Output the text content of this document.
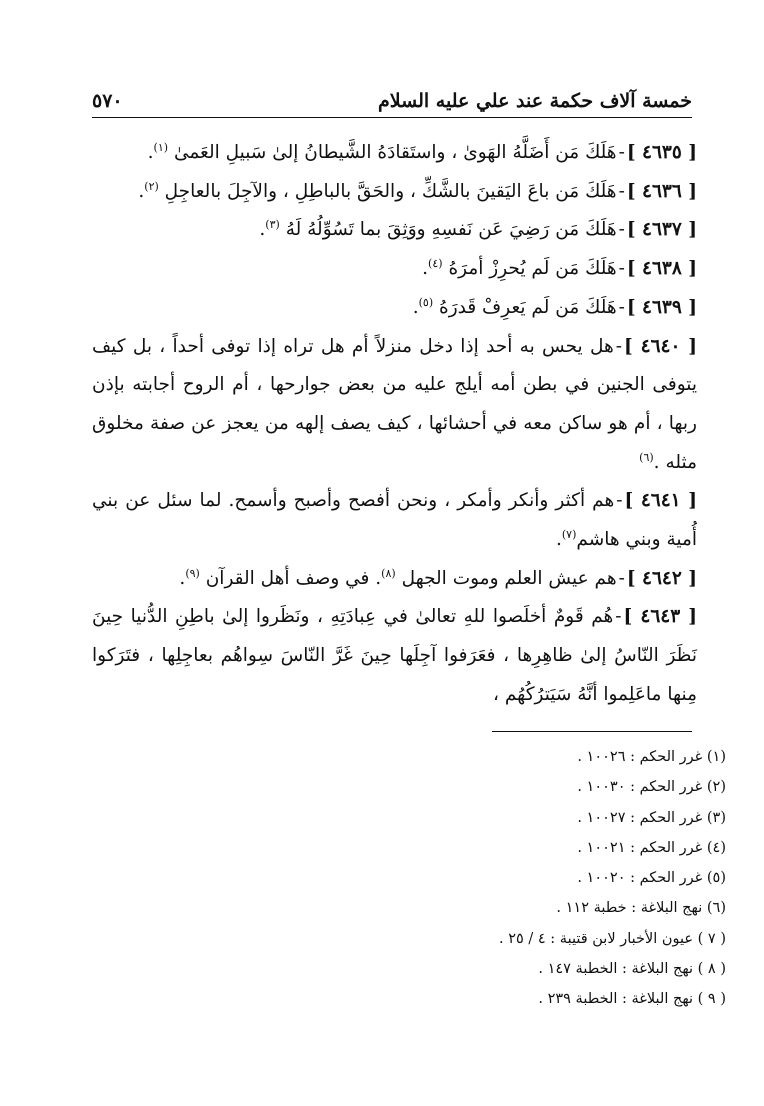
خمسة آلاف حكمة عند علي عليه السلام
٥٧٠

[ ٤٦٣٥ ]-هَلَكَ مَن أَضَلَّهُ الهَوىٰ ، واستَقادَهُ الشَّيطانُ إلىٰ سَبيلِ العَمىٰ $^{(١)}$.

[ ٤٦٣٦ ]-هَلَكَ مَن باعَ اليَقينَ بالشَّكِّ ، والحَقَّ بالباطِلِ ، والآجِلَ بالعاجِلِ $^{(٢)}$.

[ ٤٦٣٧ ]-هَلَكَ مَن رَضِيَ عَن نَفسِهِ ووَثِقَ بما تَسُوِّلُهُ لَهُ $^{(٣)}$.

[ ٤٦٣٨ ]-هَلَكَ مَن لَم يُحرِزْ أمرَهُ $^{(٤)}$.

[ ٤٦٣٩ ]-هَلَكَ مَن لَم يَعرِفْ قَدرَهُ $^{(٥)}$.

[ ٤٦٤٠ ]-هل يحس به أحد إذا دخل منزلاً أم هل تراه إذا توفى أحداً ، بل كيف يتوفى الجنين في بطن أمه أيلج عليه من بعض جوارحها ، أم الروح أجابته بإذن ربها ، أم هو ساكن معه في أحشائها ، كيف يصف إلهه من يعجز عن صفة مخلوق مثله .$^{(٦)}$

[ ٤٦٤١ ]-هم أكثر وأنكر وأمكر ، ونحن أفصح وأصبح وأسمح. لما سئل عن بني أُمية وبني هاشم$^{(٧)}$.

[ ٤٦٤٢ ]-هم عيش العلم وموت الجهل $^{(٨)}$. في وصف أهل القرآن $^{(٩)}$.

[ ٤٦٤٣ ]-هُم قَومٌ أخلَصوا للهِ تعالىٰ في عِبادَتِهِ ، ونَظَروا إلىٰ باطِنِ الدُّنيا حِينَ نَظَرَ النّاسُ إلىٰ ظاهِرِها ، فعَرَفوا آجِلَها حِينَ غَرَّ النّاسَ سِواهُم بعاجِلِها ، فتَرَكوا مِنها ماعَلِموا أنَّهُ سَيَترُكُهُم ،

(١) غرر الحكم : ١٠٠٢٦ .

(٢) غرر الحكم : ١٠٠٣٠ .

(٣) غرر الحكم : ١٠٠٢٧ .

(٤) غرر الحكم : ١٠٠٢١ .

(٥) غرر الحكم : ١٠٠٢٠ .

(٦) نهج البلاغة : خطبة ١١٢ .

( ٧ ) عيون الأخبار لابن قتيبة : ٤ / ٢٥ .

( ٨ ) نهج البلاغة : الخطبة ١٤٧ .

( ٩ ) نهج البلاغة : الخطبة ٢٣٩ .
